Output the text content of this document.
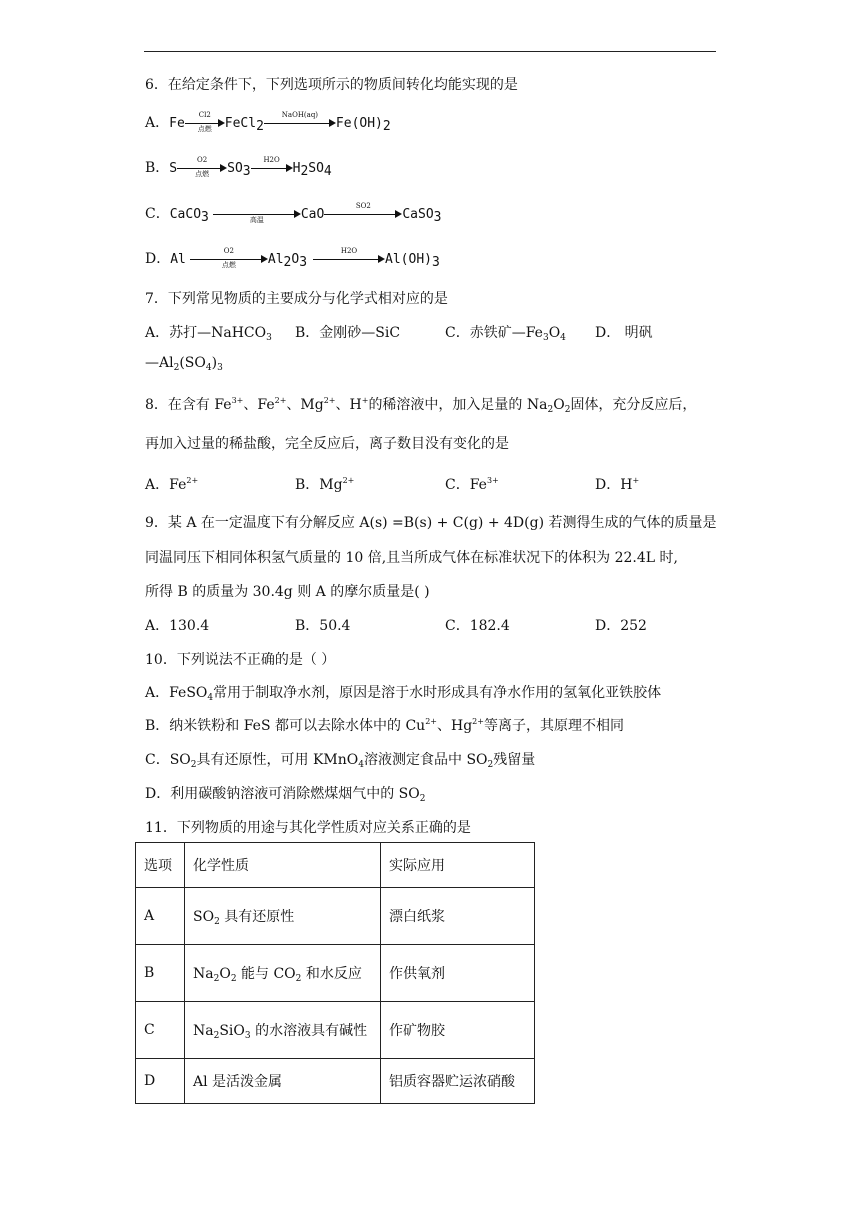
6．在给定条件下，下列选项所示的物质间转化均能实现的是
A．Fe
Cl2
点燃	FeCl$_2$
NaOH(aq)
$Fe(OH)_2$
B．S
O2
点燃	$SO_3$
H2O
$H_2SO_4$
C．CaCO$_3$	高温	CaO
SO2
CaSO$_3$
D．Al
O2
点燃	$Al_2O_3$
H2O
$Al(OH)_3$
7．下列常见物质的主要成分与化学式相对应的是
A．苏打—NaHCO$_3$ B．金刚砂—SiC	C．赤铁矿$—Fe_3O_4$ D． 明矾
$—Al_2(SO_4)_3$
8．在含有 $Fe^{3+}$、$Fe^{2+}$、$Mg^{2+}$、H+的稀溶液中，加入足量的 $Na_2O_2$固体，充分反应后，
再加入过量的稀盐酸，完全反应后，离子数目没有变化的是
A．$Fe^{2+}$	B．$Mg^{2+}$	C．$Fe^{3+}$	D．H+
9．某 A 在一定温度下有分解反应 A(s) =B(s) + C(g) + 4D(g) 若测得生成的气体的质量是
同温同压下相同体积氢气质量的 10 倍,且当所成气体在标准状况下的体积为 22.4L 时,
所得 B 的质量为 30.4g 则 A 的摩尔质量是( )
A．130.4	B．50.4	C．182.4	D．252
10．下列说法不正确的是（ ）
A．FeSO$_4$常用于制取净水剂，原因是溶于水时形成具有净水作用的氢氧化亚铁胶体
B．纳米铁粉和 FeS 都可以去除水体中的 $Cu^{2+}$、$Hg^{2+}$等离子，其原理不相同
C．$SO_2$具有还原性，可用 KMnO$_4$溶液测定食品中 $SO_2$残留量
D．利用碳酸钠溶液可消除燃煤烟气中的 $SO_2$
11．下列物质的用途与其化学性质对应关系正确的是
选项	化学性质	实际应用
A	$SO_2$ 具有还原性	漂白纸浆
B	$Na_2O_2$ 能与 $CO_2$ 和水反应	作供氧剂
C	$Na_2SiO_3$ 的水溶液具有碱性	作矿物胶
D	Al 是活泼金属	铝质容器贮运浓硝酸
